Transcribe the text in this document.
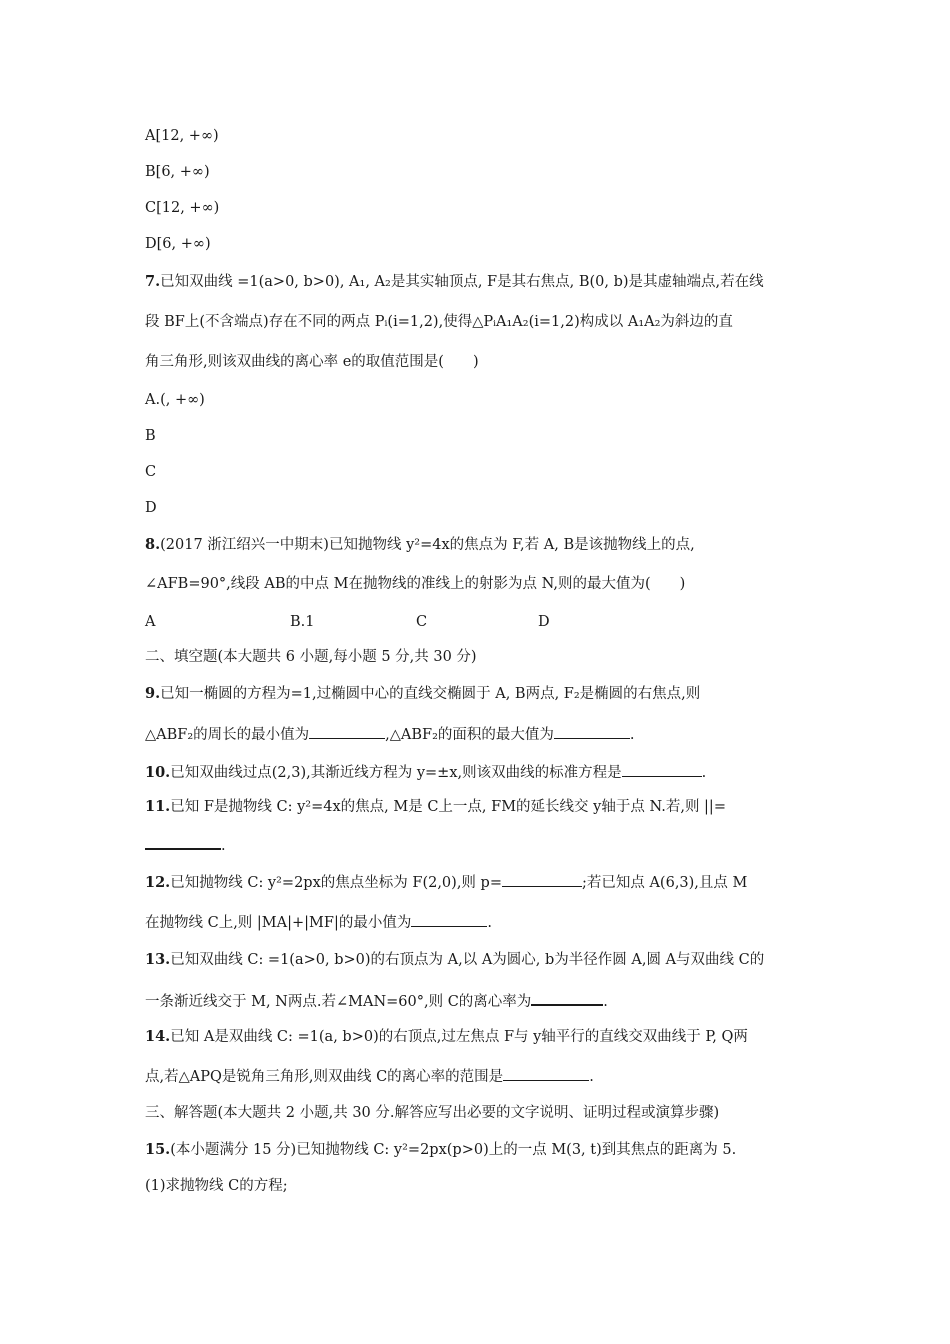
A[12, +∞)
B[6, +∞)
C[12, +∞)
D[6, +∞)
7.已知双曲线 =1(a>0, b>0), A₁, A₂是其实轴顶点, F是其右焦点, B(0, b)是其虚轴端点,若在线
段 BF上(不含端点)存在不同的两点 Pᵢ(i=1,2),使得△PᵢA₁A₂(i=1,2)构成以 A₁A₂为斜边的直
角三角形,则该双曲线的离心率 e的取值范围是(　　)
A.(, +∞)
B
C
D
8.(2017 浙江绍兴一中期末)已知抛物线 y²=4x的焦点为 F,若 A, B是该抛物线上的点,
∠AFB=90°,线段 AB的中点 M在抛物线的准线上的射影为点 N,则的最大值为(　　)
A	B.1	C	D
二、填空题(本大题共 6 小题,每小题 5 分,共 30 分)
9.已知一椭圆的方程为=1,过椭圆中心的直线交椭圆于 A, B两点, F₂是椭圆的右焦点,则
△ABF₂的周长的最小值为	,△ABF₂的面积的最大值为	.
10.已知双曲线过点(2,3),其渐近线方程为 y=±x,则该双曲线的标准方程是	.
11.已知 F是抛物线 C: y²=4x的焦点, M是 C上一点, FM的延长线交 y轴于点 N.若,则 ||=
.
12.已知抛物线 C: y²=2px的焦点坐标为 F(2,0),则 p=	;若已知点 A(6,3),且点 M
在抛物线 C上,则 |MA|+|MF|的最小值为	.
13.已知双曲线 C: =1(a>0, b>0)的右顶点为 A,以 A为圆心, b为半径作圆 A,圆 A与双曲线 C的
一条渐近线交于 M, N两点.若∠MAN=60°,则 C的离心率为	.
14.已知 A是双曲线 C: =1(a, b>0)的右顶点,过左焦点 F与 y轴平行的直线交双曲线于 P, Q两
点,若△APQ是锐角三角形,则双曲线 C的离心率的范围是	.
三、解答题(本大题共 2 小题,共 30 分.解答应写出必要的文字说明、证明过程或演算步骤)
15.(本小题满分 15 分)已知抛物线 C: y²=2px(p>0)上的一点 M(3, t)到其焦点的距离为 5.
(1)求抛物线 C的方程;
